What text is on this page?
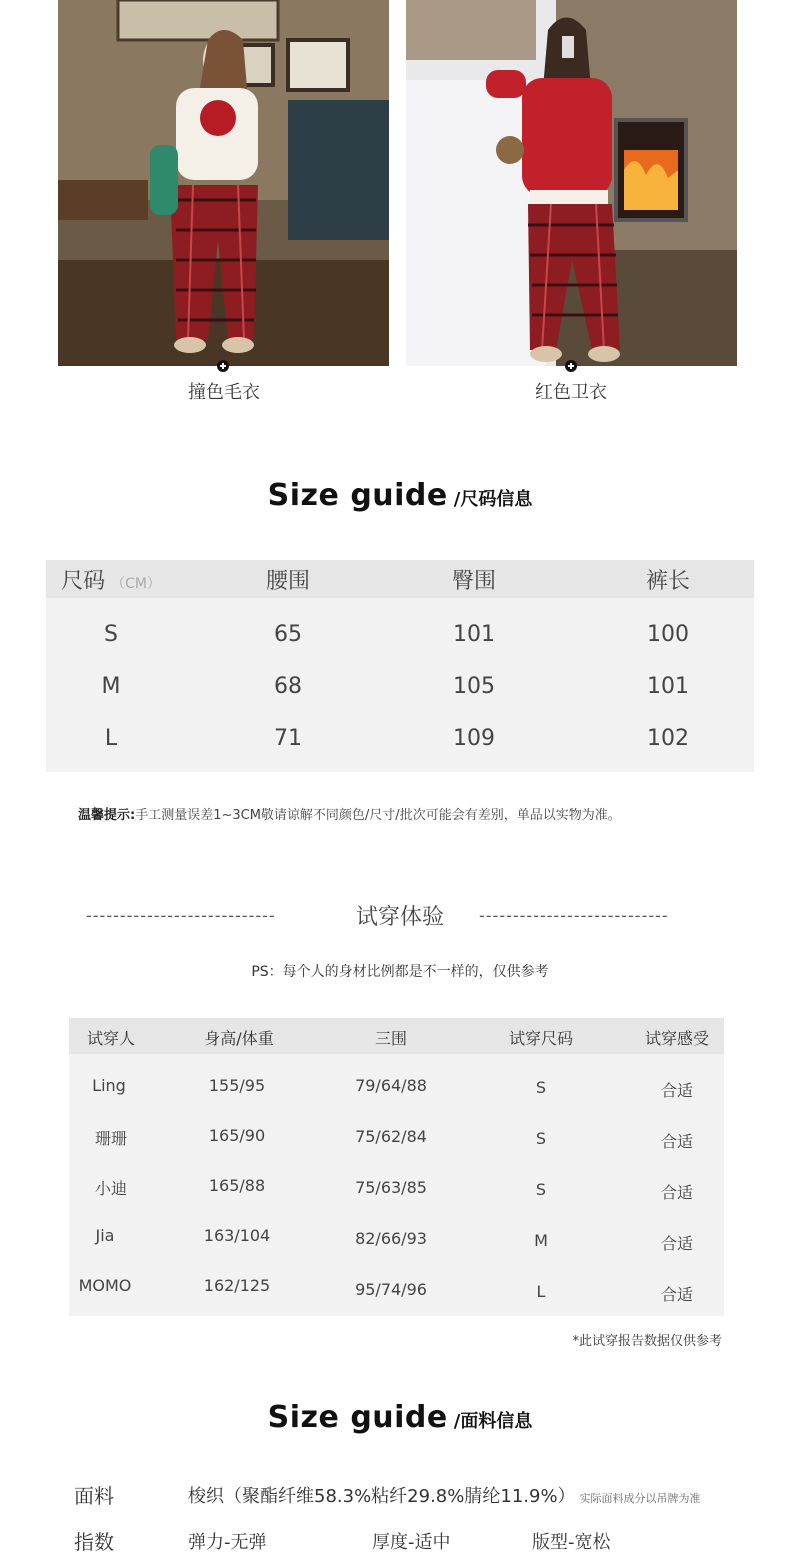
撞色毛衣	红色卫衣
Size guide /尺码信息
尺码 （CM）	腰围	臀围	裤长
S	65	101	100
M	68	105	101
L	71	109	102
温馨提示:手工测量误差1~3CM敬请谅解不同颜色/尺寸/批次可能会有差别，单品以实物为准。
----------------------------	试穿体验	----------------------------
PS：每个人的身材比例都是不一样的，仅供参考
试穿人	身高/体重	三围	试穿尺码	试穿感受
Ling	155/95	79/64/88	S	合适
珊珊	165/90	75/62/84	S	合适
小迪	165/88	75/63/85	S	合适
Jia	163/104	82/66/93	M	合适
MOMO	162/125	95/74/96	L	合适
*此试穿报告数据仅供参考
Size guide /面料信息
面料	梭织（聚酯纤维58.3%粘纤29.8%腈纶11.9%） 实际面料成分以吊牌为准
指数	弹力-无弹	厚度-适中	版型-宽松
